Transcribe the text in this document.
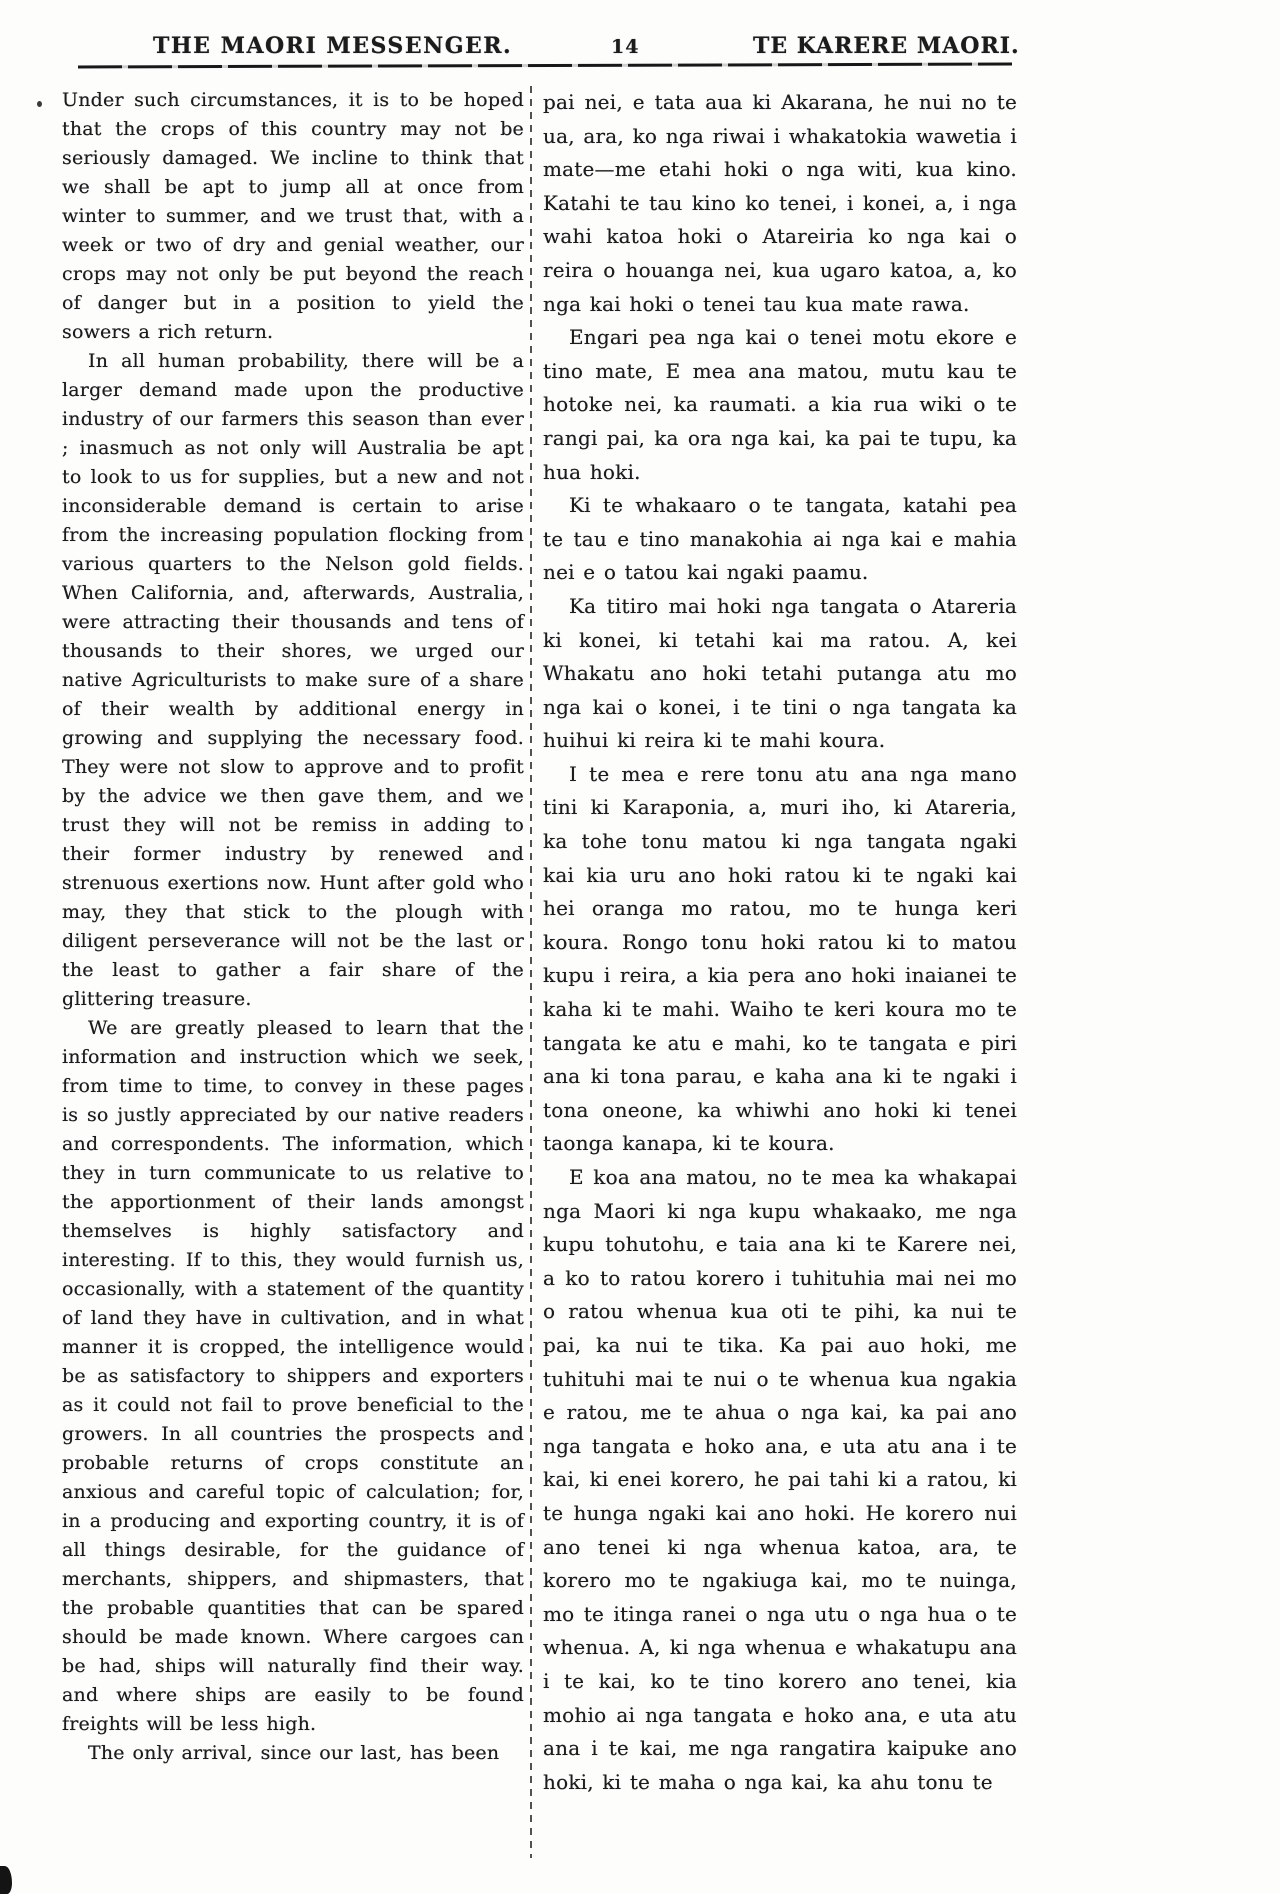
THE MAORI MESSENGER.	14	TE KARERE MAORI.

Under such circumstances, it is to be hoped that the crops of this country may not be seriously damaged. We incline to think that we shall be apt to jump all at once from winter to summer, and we trust that, with a week or two of dry and genial weather, our crops may not only be put beyond the reach of danger but in a position to yield the sowers a rich return.

In all human probability, there will be a larger demand made upon the productive industry of our farmers this season than ever ; inasmuch as not only will Australia be apt to look to us for supplies, but a new and not inconsiderable demand is certain to arise from the increasing population flocking from various quarters to the Nelson gold fields. When California, and, afterwards, Australia, were attracting their thousands and tens of thousands to their shores, we urged our native Agriculturists to make sure of a share of their wealth by additional energy in growing and supplying the necessary food. They were not slow to approve and to profit by the advice we then gave them, and we trust they will not be remiss in adding to their former industry by renewed and strenuous exertions now. Hunt after gold who may, they that stick to the plough with diligent perseverance will not be the last or the least to gather a fair share of the glittering treasure.

We are greatly pleased to learn that the information and instruction which we seek, from time to time, to convey in these pages is so justly appreciated by our native readers and correspondents. The information, which they in turn communicate to us relative to the apportionment of their lands amongst themselves is highly satisfactory and interesting. If to this, they would furnish us, occasionally, with a statement of the quantity of land they have in cultivation, and in what manner it is cropped, the intelligence would be as satisfactory to shippers and exporters as it could not fail to prove beneficial to the growers. In all countries the prospects and probable returns of crops constitute an anxious and careful topic of calculation; for, in a producing and exporting country, it is of all things desirable, for the guidance of merchants, shippers, and shipmasters, that the probable quantities that can be spared should be made known. Where cargoes can be had, ships will naturally find their way. and where ships are easily to be found freights will be less high.

The only arrival, since our last, has been

pai nei, e tata aua ki Akarana, he nui no te ua, ara, ko nga riwai i whakatokia wawetia i mate—me etahi hoki o nga witi, kua kino. Katahi te tau kino ko tenei, i konei, a, i nga wahi katoa hoki o Atareiria ko nga kai o reira o houanga nei, kua ugaro katoa, a, ko nga kai hoki o tenei tau kua mate rawa.

Engari pea nga kai o tenei motu ekore e tino mate, E mea ana matou, mutu kau te hotoke nei, ka raumati. a kia rua wiki o te rangi pai, ka ora nga kai, ka pai te tupu, ka hua hoki.

Ki te whakaaro o te tangata, katahi pea te tau e tino manakohia ai nga kai e mahia nei e o tatou kai ngaki paamu.

Ka titiro mai hoki nga tangata o Atareria ki konei, ki tetahi kai ma ratou. A, kei Whakatu ano hoki tetahi putanga atu mo nga kai o konei, i te tini o nga tangata ka huihui ki reira ki te mahi koura.

I te mea e rere tonu atu ana nga mano tini ki Karaponia, a, muri iho, ki Atareria, ka tohe tonu matou ki nga tangata ngaki kai kia uru ano hoki ratou ki te ngaki kai hei oranga mo ratou, mo te hunga keri koura. Rongo tonu hoki ratou ki to matou kupu i reira, a kia pera ano hoki inaianei te kaha ki te mahi. Waiho te keri koura mo te tangata ke atu e mahi, ko te tangata e piri ana ki tona parau, e kaha ana ki te ngaki i tona oneone, ka whiwhi ano hoki ki tenei taonga kanapa, ki te koura.

E koa ana matou, no te mea ka whakapai nga Maori ki nga kupu whakaako, me nga kupu tohutohu, e taia ana ki te Karere nei, a ko to ratou korero i tuhituhia mai nei mo o ratou whenua kua oti te pihi, ka nui te pai, ka nui te tika. Ka pai auo hoki, me tuhituhi mai te nui o te whenua kua ngakia e ratou, me te ahua o nga kai, ka pai ano nga tangata e hoko ana, e uta atu ana i te kai, ki enei korero, he pai tahi ki a ratou, ki te hunga ngaki kai ano hoki. He korero nui ano tenei ki nga whenua katoa, ara, te korero mo te ngakiuga kai, mo te nuinga, mo te itinga ranei o nga utu o nga hua o te whenua. A, ki nga whenua e whakatupu ana i te kai, ko te tino korero ano tenei, kia mohio ai nga tangata e hoko ana, e uta atu ana i te kai, me nga rangatira kaipuke ano hoki, ki te maha o nga kai, ka ahu tonu te
